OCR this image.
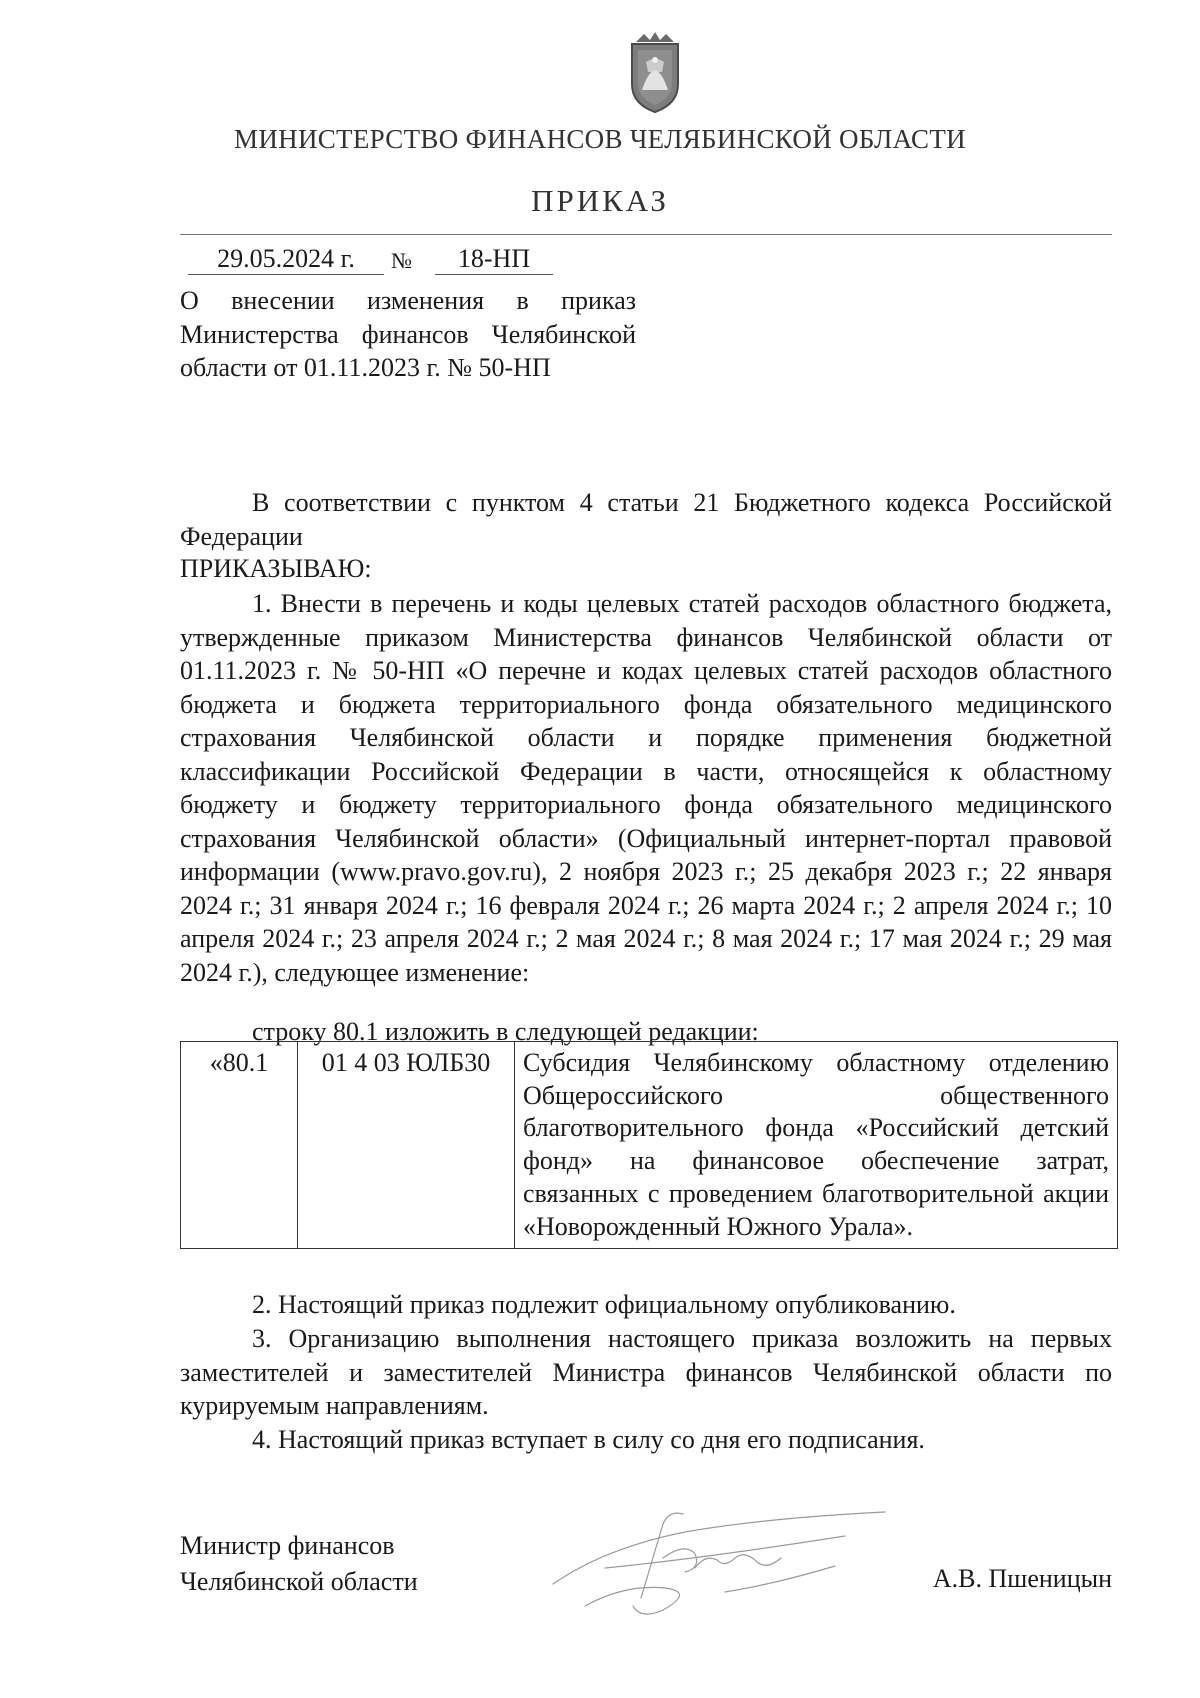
МИНИСТЕРСТВО ФИНАНСОВ ЧЕЛЯБИНСКОЙ ОБЛАСТИ
ПРИКАЗ
29.05.2024 г.	№	18-НП
О внесении изменения в приказ Министерства финансов Челябинской области от 01.11.2023 г. № 50-НП
В соответствии с пунктом 4 статьи 21 Бюджетного кодекса Российской Федерации
ПРИКАЗЫВАЮ:
1. Внести в перечень и коды целевых статей расходов областного бюджета, утвержденные приказом Министерства финансов Челябинской области от 01.11.2023 г. № 50-НП «О перечне и кодах целевых статей расходов областного бюджета и бюджета территориального фонда обязательного медицинского страхования Челябинской области и порядке применения бюджетной классификации Российской Федерации в части, относящейся к областному бюджету и бюджету территориального фонда обязательного медицинского страхования Челябинской области» (Официальный интернет-портал правовой информации (www.pravo.gov.ru), 2 ноября 2023 г.; 25 декабря 2023 г.; 22 января 2024 г.; 31 января 2024 г.; 16 февраля 2024 г.; 26 марта 2024 г.; 2 апреля 2024 г.; 10 апреля 2024 г.; 23 апреля 2024 г.; 2 мая 2024 г.; 8 мая 2024 г.; 17 мая 2024 г.; 29 мая 2024 г.), следующее изменение:
строку 80.1 изложить в следующей редакции:
«80.1	01 4 03 ЮЛБ30	Субсидия Челябинскому областному отделению Общероссийского общественного благотворительного фонда «Российский детский фонд» на финансовое обеспечение затрат, связанных с проведением благотворительной акции «Новорожденный Южного Урала».
2. Настоящий приказ подлежит официальному опубликованию.
3. Организацию выполнения настоящего приказа возложить на первых заместителей и заместителей Министра финансов Челябинской области по курируемым направлениям.
4. Настоящий приказ вступает в силу со дня его подписания.
Министр финансов
Челябинской области	А.В. Пшеницын
